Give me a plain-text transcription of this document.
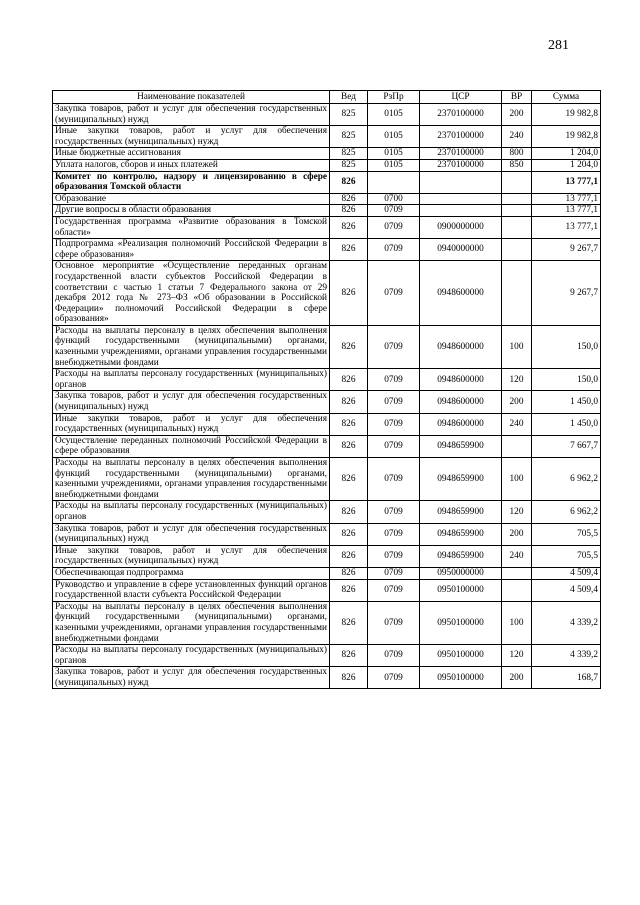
281
Наименование показателей	Вед	РзПр	ЦСР	ВР	Сумма
Закупка товаров, работ и услуг для обеспечения государственных (муниципальных) нужд	825	0105	2370100000	200	19 982,8
Иные закупки товаров, работ и услуг для обеспечения государственных (муниципальных) нужд	825	0105	2370100000	240	19 982,8
Иные бюджетные ассигнования	825	0105	2370100000	800	1 204,0
Уплата налогов, сборов и иных платежей	825	0105	2370100000	850	1 204,0
Комитет по контролю, надзору и лицензированию в сфере образования Томской области	826				13 777,1
Образование	826	0700			13 777,1
Другие вопросы в области образования	826	0709			13 777,1
Государственная программа «Развитие образования в Томской области»	826	0709	0900000000		13 777,1
Подпрограмма «Реализация полномочий Российской Федерации в сфере образования»	826	0709	0940000000		9 267,7
Основное мероприятие «Осуществление переданных органам государственной власти субъектов Российской Федерации в соответствии с частью 1 статьи 7 Федерального закона от 29 декабря 2012 года № 273–ФЗ «Об образовании в Российской Федерации» полномочий Российской Федерации в сфере образования»	826	0709	0948600000		9 267,7
Расходы на выплаты персоналу в целях обеспечения выполнения функций государственными (муниципальными) органами, казенными учреждениями, органами управления государственными внебюджетными фондами	826	0709	0948600000	100	150,0
Расходы на выплаты персоналу государственных (муниципальных) органов	826	0709	0948600000	120	150,0
Закупка товаров, работ и услуг для обеспечения государственных (муниципальных) нужд	826	0709	0948600000	200	1 450,0
Иные закупки товаров, работ и услуг для обеспечения государственных (муниципальных) нужд	826	0709	0948600000	240	1 450,0
Осуществление переданных полномочий Российской Федерации в сфере образования	826	0709	0948659900		7 667,7
Расходы на выплаты персоналу в целях обеспечения выполнения функций государственными (муниципальными) органами, казенными учреждениями, органами управления государственными внебюджетными фондами	826	0709	0948659900	100	6 962,2
Расходы на выплаты персоналу государственных (муниципальных) органов	826	0709	0948659900	120	6 962,2
Закупка товаров, работ и услуг для обеспечения государственных (муниципальных) нужд	826	0709	0948659900	200	705,5
Иные закупки товаров, работ и услуг для обеспечения государственных (муниципальных) нужд	826	0709	0948659900	240	705,5
Обеспечивающая подпрограмма	826	0709	0950000000		4 509,4
Руководство и управление в сфере установленных функций органов государственной власти субъекта Российской Федерации	826	0709	0950100000		4 509,4
Расходы на выплаты персоналу в целях обеспечения выполнения функций государственными (муниципальными) органами, казенными учреждениями, органами управления государственными внебюджетными фондами	826	0709	0950100000	100	4 339,2
Расходы на выплаты персоналу государственных (муниципальных) органов	826	0709	0950100000	120	4 339,2
Закупка товаров, работ и услуг для обеспечения государственных (муниципальных) нужд	826	0709	0950100000	200	168,7
